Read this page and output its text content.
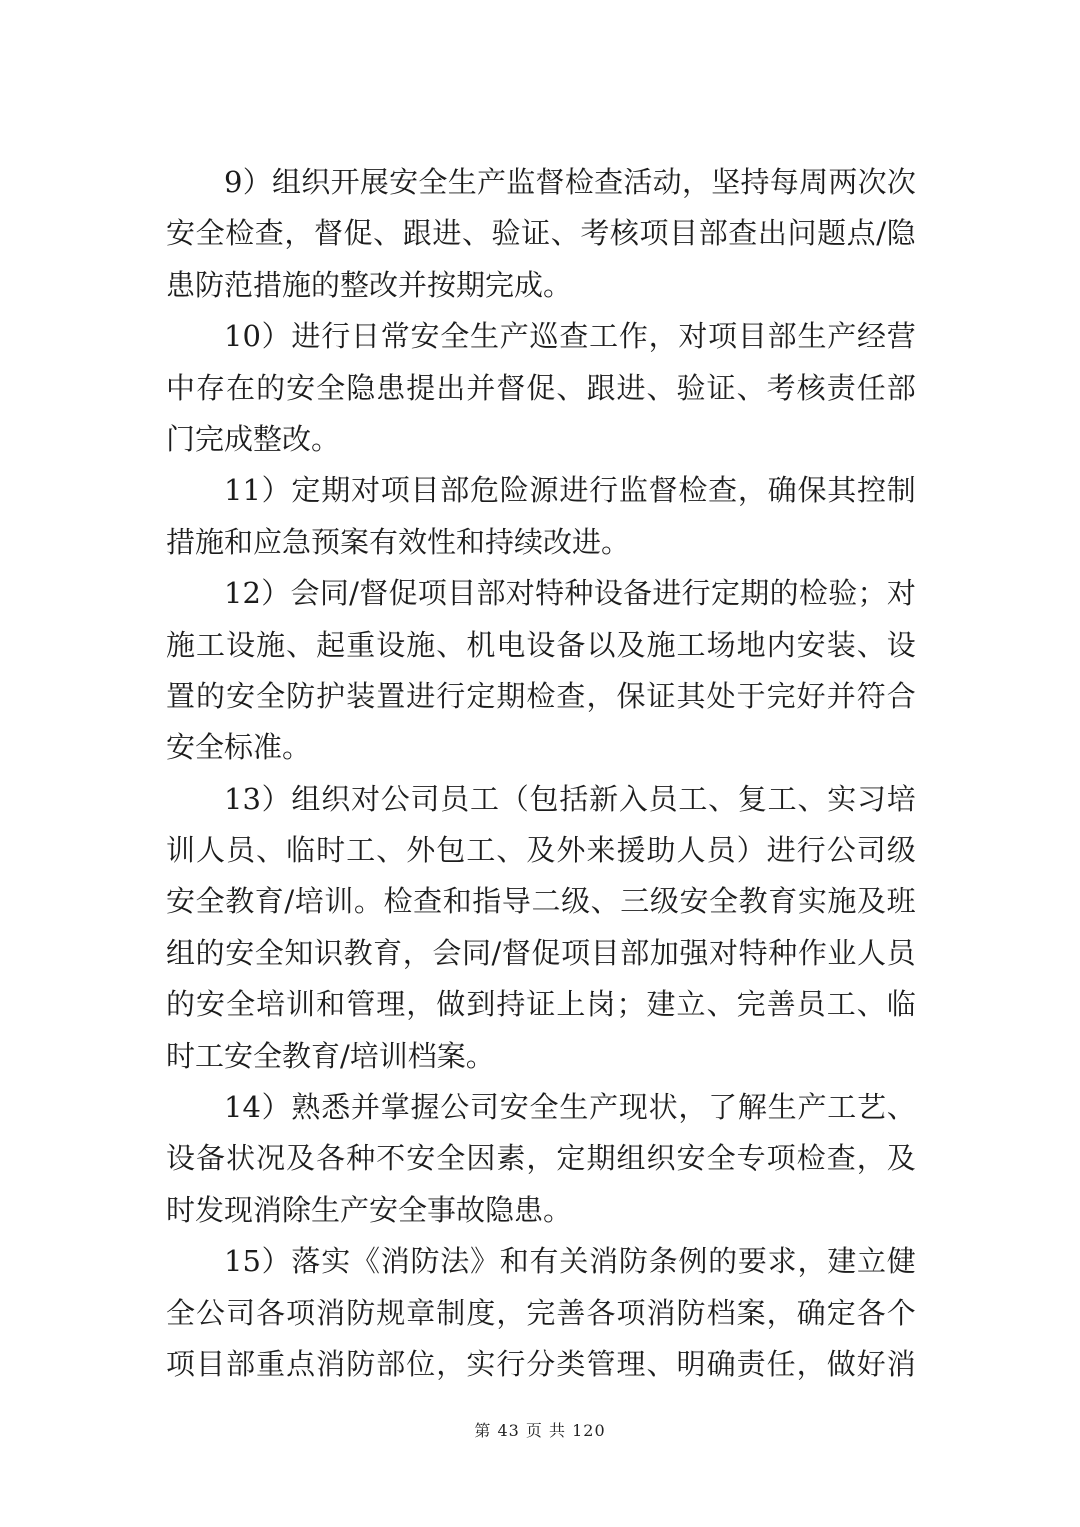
9 ） 组 织 开 展 安 全 生 产 监 督 检 查 活 动 ， 坚 持 每 周 两 次 次
安 全 检 查 ， 督 促 、 跟 进 、 验 证 、 考 核 项 目 部 查 出 问 题 点 / 隐
患防范措施的整改并按期完成。
10 ） 进 行 日 常 安 全 生 产 巡 查 工 作 ， 对 项 目 部 生 产 经 营
中 存 在 的 安 全 隐 患 提 出 并 督 促 、 跟 进 、 验 证 、 考 核 责 任 部
门完成整改。
11 ） 定 期 对 项 目 部 危 险 源 进 行 监 督 检 查 ， 确 保 其 控 制
措施和应急预案有效性和持续改进。
12 ） 会 同 / 督 促 项 目 部 对 特 种 设 备 进 行 定 期 的 检 验 ； 对
施 工 设 施 、 起 重 设 施 、 机 电 设 备 以 及 施 工 场 地 内 安 装 、 设
置 的 安 全 防 护 装 置 进 行 定 期 检 查 ， 保 证 其 处 于 完 好 并 符 合
安全标准。
13 ） 组 织 对 公 司 员 工 （ 包 括 新 入 员 工 、 复 工 、 实 习 培
训 人 员 、 临 时 工 、 外 包 工 、 及 外 来 援 助 人 员 ） 进 行 公 司 级
安 全 教 育 / 培 训 。 检 查 和 指 导 二 级 、 三 级 安 全 教 育 实 施 及 班
组 的 安 全 知 识 教 育 ， 会 同 / 督 促 项 目 部 加 强 对 特 种 作 业 人 员
的 安 全 培 训 和 管 理 ， 做 到 持 证 上 岗 ； 建 立 、 完 善 员 工 、 临
时工安全教育/培训档案。
14 ） 熟 悉 并 掌 握 公 司 安 全 生 产 现 状 ， 了 解 生 产 工 艺 、
设 备 状 况 及 各 种 不 安 全 因 素 ， 定 期 组 织 安 全 专 项 检 查 ， 及
时发现消除生产安全事故隐患。
15 ） 落 实 《 消 防 法 》 和 有 关 消 防 条 例 的 要 求 ， 建 立 健
全 公 司 各 项 消 防 规 章 制 度 ， 完 善 各 项 消 防 档 案 ， 确 定 各 个
项 目 部 重 点 消 防 部 位 ， 实 行 分 类 管 理 、 明 确 责 任 ， 做 好 消
第 43 页 共 120
